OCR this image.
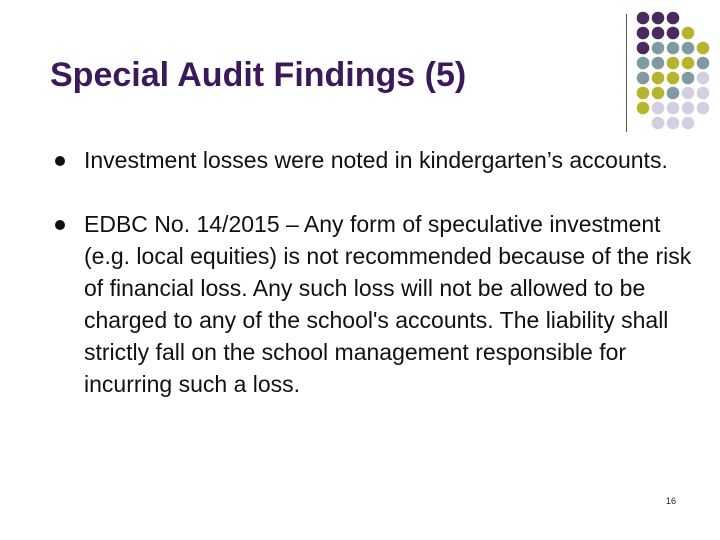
Special Audit Findings (5)
Investment losses were noted in kindergarten’s accounts.
EDBC No. 14/2015 – Any form of speculative investment (e.g. local equities) is not recommended because of the risk of financial loss. Any such loss will not be allowed to be charged to any of the school's accounts. The liability shall strictly fall on the school management responsible for incurring such a loss.
16
